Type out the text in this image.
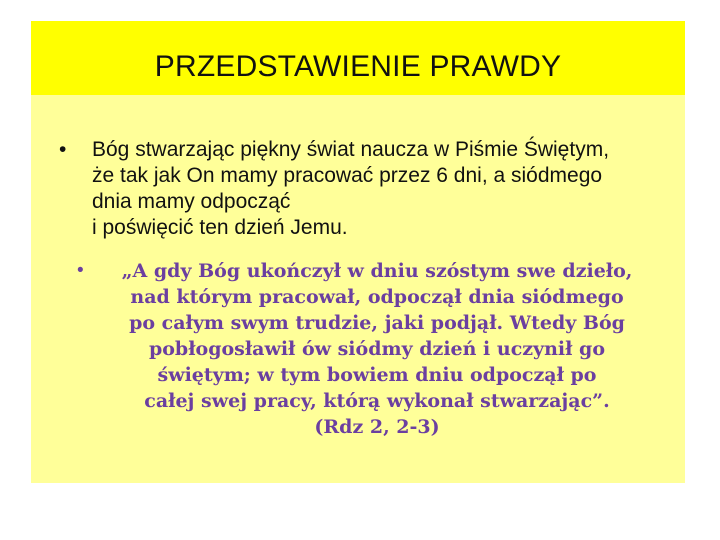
PRZEDSTAWIENIE PRAWDY
• Bóg stwarzając piękny świat naucza w Piśmie Świętym,
że tak jak On mamy pracować przez 6 dni, a siódmego
dnia mamy odpocząć
i poświęcić ten dzień Jemu.
•	„A gdy Bóg ukończył w dniu szóstym swe dzieło,
nad którym pracował, odpoczął dnia siódmego
po całym swym trudzie, jaki podjął. Wtedy Bóg
pobłogosławił ów siódmy dzień i uczynił go
świętym; w tym bowiem dniu odpoczął po
całej swej pracy, którą wykonał stwarzając”.
(Rdz 2, 2-3)
